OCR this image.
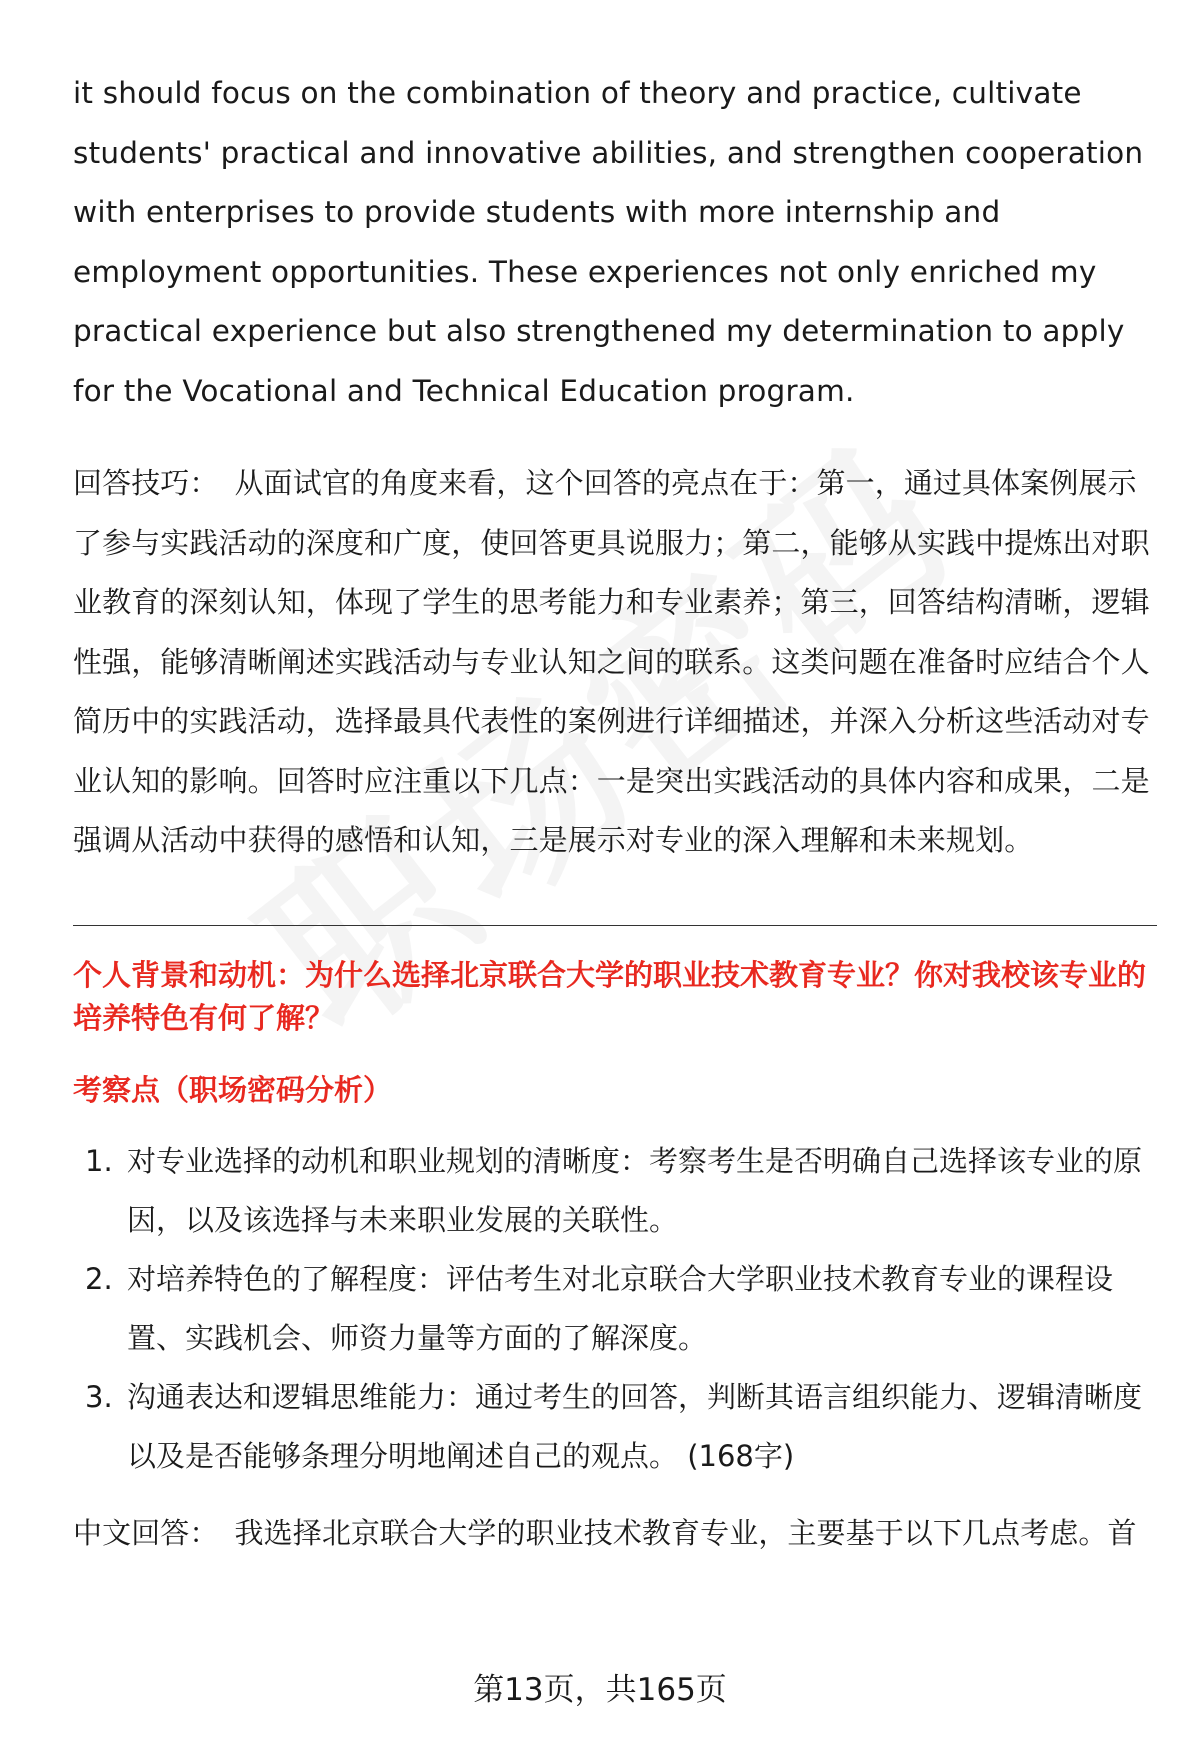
it should focus on the combination of theory and practice, cultivate students' practical and innovative abilities, and strengthen cooperation with enterprises to provide students with more internship and employment opportunities. These experiences not only enriched my practical experience but also strengthened my determination to apply for the Vocational and Technical Education program.

回答技巧： 从面试官的角度来看，这个回答的亮点在于：第一，通过具体案例展示了参与实践活动的深度和广度，使回答更具说服力；第二，能够从实践中提炼出对职业教育的深刻认知，体现了学生的思考能力和专业素养；第三，回答结构清晰，逻辑性强，能够清晰阐述实践活动与专业认知之间的联系。这类问题在准备时应结合个人简历中的实践活动，选择最具代表性的案例进行详细描述，并深入分析这些活动对专业认知的影响。回答时应注重以下几点：一是突出实践活动的具体内容和成果，二是强调从活动中获得的感悟和认知，三是展示对专业的深入理解和未来规划。

个人背景和动机：为什么选择北京联合大学的职业技术教育专业？你对我校该专业的培养特色有何了解？
考察点（职场密码分析）
1. 对专业选择的动机和职业规划的清晰度：考察考生是否明确自己选择该专业的原因，以及该选择与未来职业发展的关联性。
2. 对培养特色的了解程度：评估考生对北京联合大学职业技术教育专业的课程设置、实践机会、师资力量等方面的了解深度。
3. 沟通表达和逻辑思维能力：通过考生的回答，判断其语言组织能力、逻辑清晰度以及是否能够条理分明地阐述自己的观点。 (168字)

中文回答： 我选择北京联合大学的职业技术教育专业，主要基于以下几点考虑。首

第13页，共165页
